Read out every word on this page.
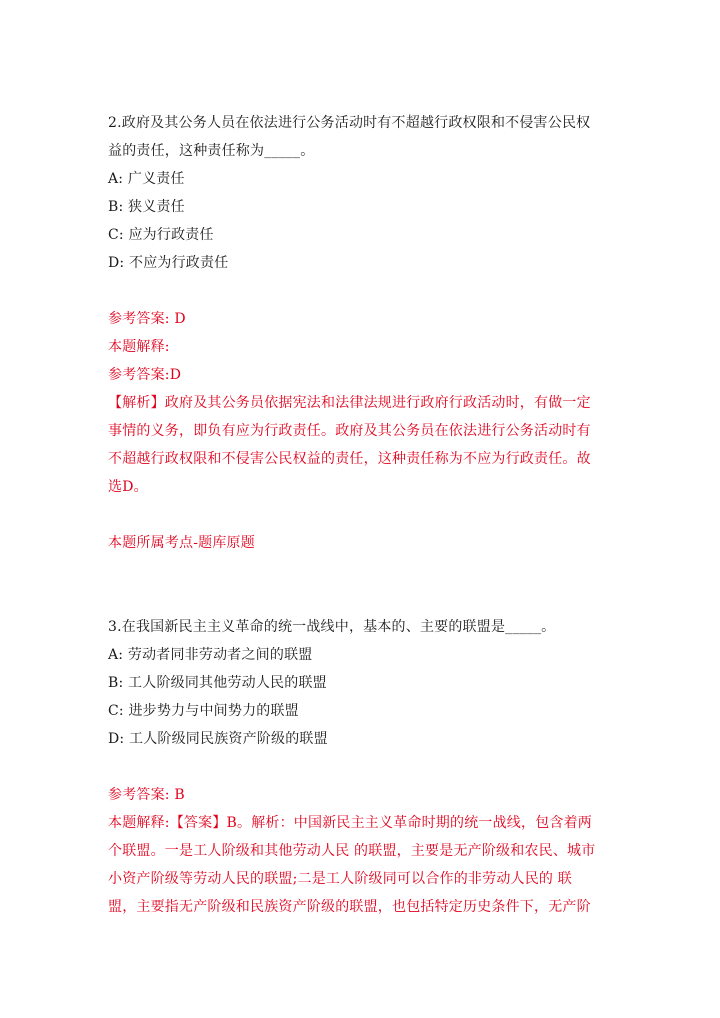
2.政府及其公务人员在依法进行公务活动时有不超越行政权限和不侵害公民权
益的责任，这种责任称为_____。
A: 广义责任
B: 狭义责任
C: 应为行政责任
D: 不应为行政责任
参考答案: D
本题解释:
参考答案:D
【解析】政府及其公务员依据宪法和法律法规进行政府行政活动时，有做一定
事情的义务，即负有应为行政责任。政府及其公务员在依法进行公务活动时有
不超越行政权限和不侵害公民权益的责任，这种责任称为不应为行政责任。故
选D。
本题所属考点-题库原题
3.在我国新民主主义革命的统一战线中，基本的、主要的联盟是_____。
A: 劳动者同非劳动者之间的联盟
B: 工人阶级同其他劳动人民的联盟
C: 进步势力与中间势力的联盟
D: 工人阶级同民族资产阶级的联盟
参考答案: B
本题解释:【答案】B。解析：中国新民主主义革命时期的统一战线，包含着两
个联盟。一是工人阶级和其他劳动人民 的联盟，主要是无产阶级和农民、城市
小资产阶级等劳动人民的联盟;二是工人阶级同可以合作的非劳动人民的 联
盟，主要指无产阶级和民族资产阶级的联盟，也包括特定历史条件下，无产阶
